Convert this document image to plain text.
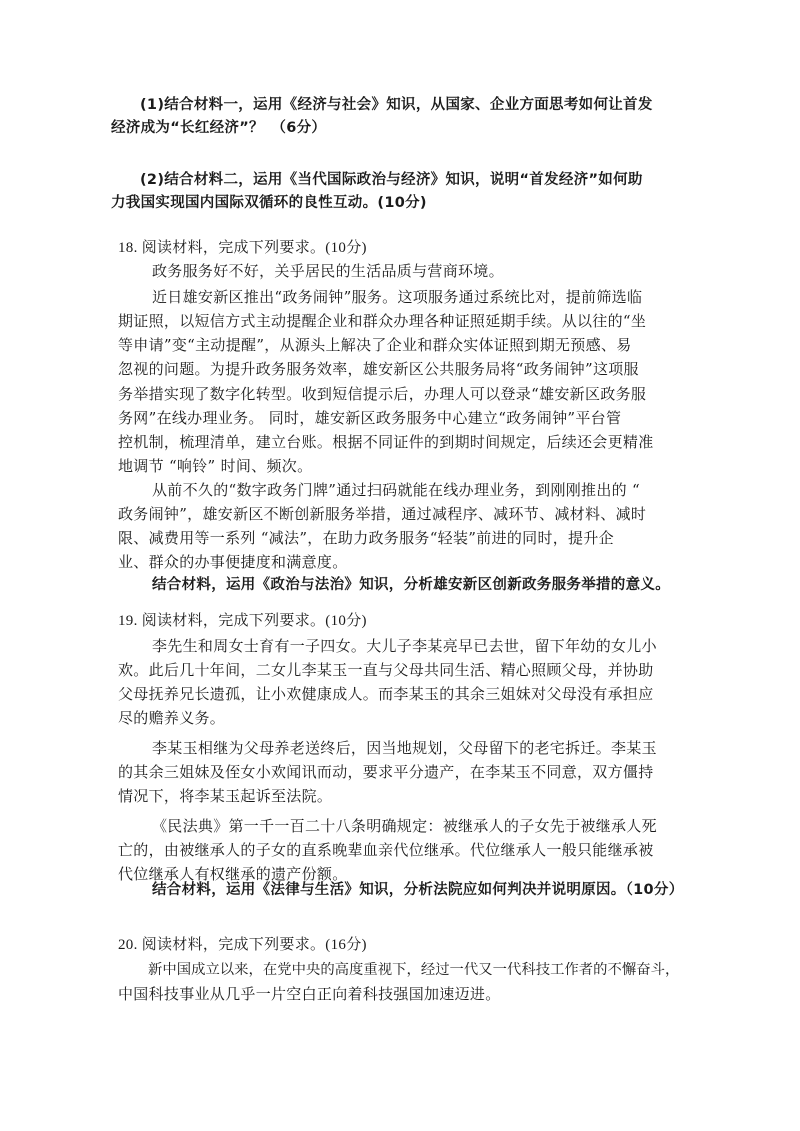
(1)结合材料一，运用《经济与社会》知识，从国家、企业方面思考如何让首发
经济成为“长红经济”？　（6分）
(2)结合材料二，运用《当代国际政治与经济》知识，说明“首发经济”如何助
力我国实现国内国际双循环的良性互动。(10分)
18. 阅读材料，完成下列要求。(10分)
政务服务好不好，关乎居民的生活品质与营商环境。
近日雄安新区推出“政务闹钟”服务。这项服务通过系统比对，提前筛选临
期证照，以短信方式主动提醒企业和群众办理各种证照延期手续。从以往的“坐
等申请”变“主动提醒”，从源头上解决了企业和群众实体证照到期无预感、易
忽视的问题。为提升政务服务效率，雄安新区公共服务局将“政务闹钟”这项服
务举措实现了数字化转型。收到短信提示后，办理人可以登录“雄安新区政务服
务网”在线办理业务。 同时，雄安新区政务服务中心建立“政务闹钟”平台管
控机制，梳理清单，建立台账。根据不同证件的到期时间规定，后续还会更精准
地调节 “响铃” 时间、频次。
从前不久的“数字政务门牌”通过扫码就能在线办理业务，到刚刚推出的 “
政务闹钟”，雄安新区不断创新服务举措，通过减程序、减环节、减材料、减时
限、减费用等一系列 “减法”，在助力政务服务“轻装”前进的同时，提升企
业、群众的办事便捷度和满意度。
结合材料，运用《政治与法治》知识，分析雄安新区创新政务服务举措的意义。
19. 阅读材料，完成下列要求。(10分)
李先生和周女士育有一子四女。大儿子李某亮早已去世，留下年幼的女儿小
欢。此后几十年间，二女儿李某玉一直与父母共同生活、精心照顾父母，并协助
父母抚养兄长遗孤，让小欢健康成人。而李某玉的其余三姐妹对父母没有承担应
尽的赡养义务。
李某玉相继为父母养老送终后，因当地规划，父母留下的老宅拆迁。李某玉
的其余三姐妹及侄女小欢闻讯而动，要求平分遗产，在李某玉不同意，双方僵持
情况下，将李某玉起诉至法院。
《民法典》第一千一百二十八条明确规定：被继承人的子女先于被继承人死
亡的，由被继承人的子女的直系晚辈血亲代位继承。代位继承人一般只能继承被
代位继承人有权继承的遗产份额。
结合材料，运用《法律与生活》知识，分析法院应如何判决并说明原因。（10分）
20. 阅读材料，完成下列要求。(16分)
新中国成立以来，在党中央的高度重视下，经过一代又一代科技工作者的不懈奋斗，
中国科技事业从几乎一片空白正向着科技强国加速迈进。
